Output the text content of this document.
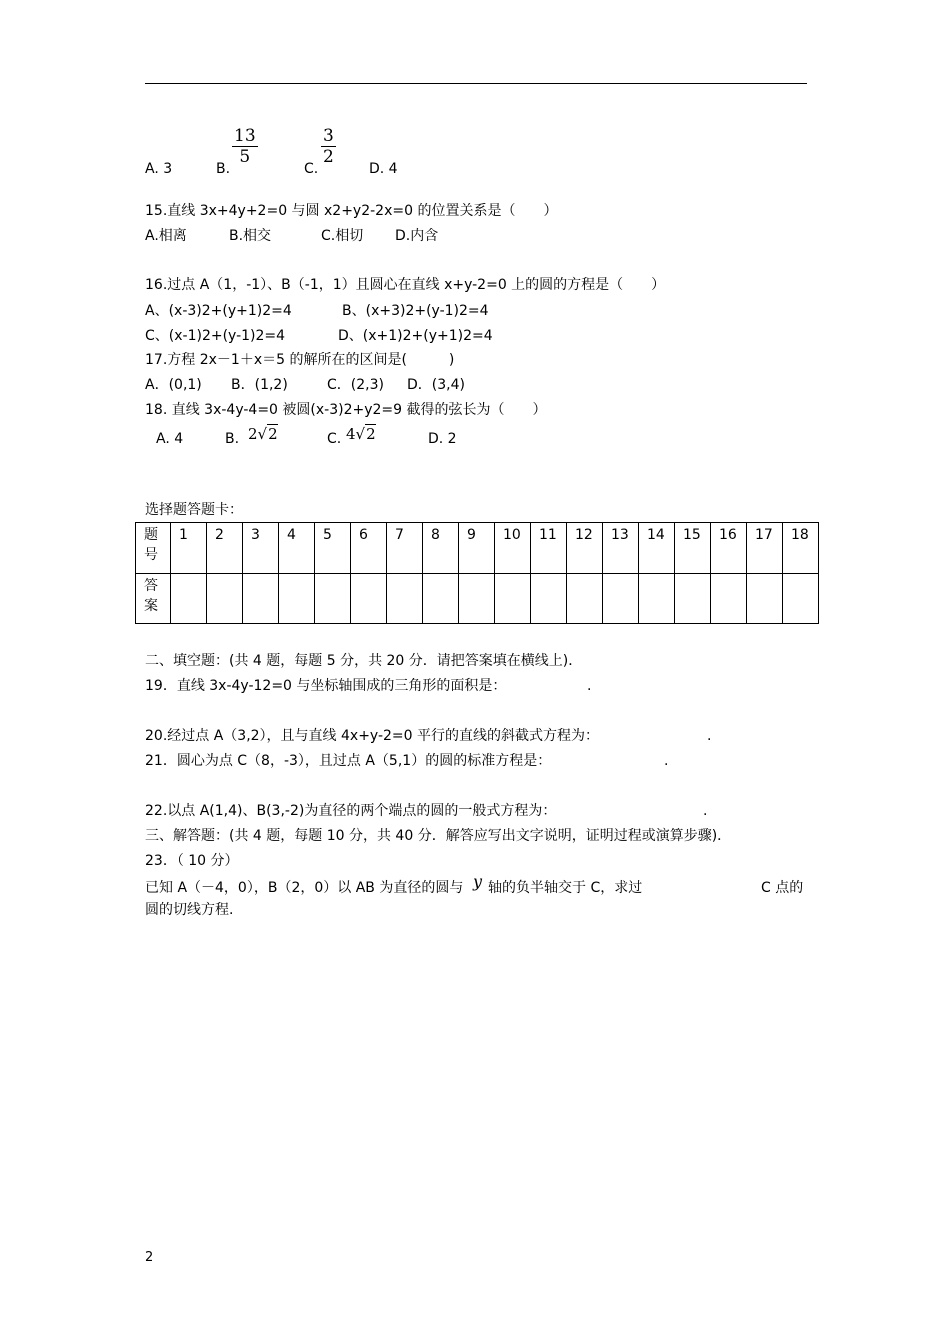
A. 3	B.
$\frac{13}{5}$
C.
$\frac{3}{2}$
D. 4
15.直线 3x+4y+2=0 与圆 x2+y2-2x=0 的位置关系是（　　）
A.相离	B.相交	C.相切 D.内含
16.过点 A（1，-1）、B（-1，1）且圆心在直线 x+y-2=0 上的圆的方程是（　　）
A、(x-3)2+(y+1)2=4	B、(x+3)2+(y-1)2=4
C、(x-1)2+(y-1)2=4	D、(x+1)2+(y+1)2=4
17.方程 2x－1＋x＝5 的解所在的区间是(　　　)
A．(0,1) B．(1,2)	C．(2,3) D．(3,4)
18. 直线 3x-4y-4=0 被圆(x-3)2+y2=9 截得的弦长为（　　）
A. 4	B. 2√2	C. 4√2	D. 2
选择题答题卡：
题号	1	2	3	4	5	6	7	8	9	10	11	12	13	14	15	16	17	18
答案																		
二、填空题：(共 4 题，每题 5 分，共 20 分．请把答案填在横线上)．
19．直线 3x-4y-12=0 与坐标轴围成的三角形的面积是：	.
20.经过点 A（3,2），且与直线 4x+y-2=0 平行的直线的斜截式方程为：	.
21．圆心为点 C（8，-3），且过点 A（5,1）的圆的标准方程是：	.
22.以点 A(1,4)、B(3,-2)为直径的两个端点的圆的一般式方程为：	.
三、解答题：(共 4 题，每题 10 分，共 40 分．解答应写出文字说明，证明过程或演算步骤)．
23．（ 10 分）
已知 A（－4，0），B（2，0）以 AB 为直径的圆与 y 轴的负半轴交于 C，求过	C 点的
圆的切线方程.
2
